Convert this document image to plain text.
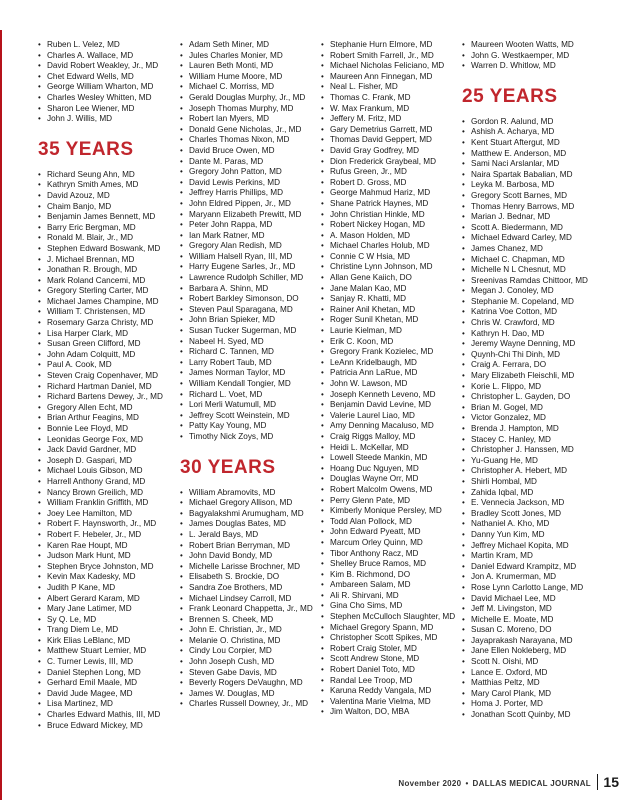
• Ruben L. Velez, MD
• Charles A. Wallace, MD
• David Robert Weakley, Jr., MD
• Chet Edward Wells, MD
• George William Wharton, MD
• Charles Wesley Whitten, MD
• Sharon Lee Wiener, MD
• John J. Willis, MD
35 YEARS
• Richard Seung Ahn, MD
• Kathryn Smith Ames, MD
• David Azouz, MD
• Chaim Banjo, MD
• Benjamin James Bennett, MD
• Barry Eric Bergman, MD
• Ronald M. Blair, Jr., MD
• Stephen Edward Boswank, MD
• J. Michael Brennan, MD
• Jonathan R. Brough, MD
• Mark Roland Cancemi, MD
• Gregory Sterling Carter, MD
• Michael James Champine, MD
• William T. Christensen, MD
• Rosemary Garza Christy, MD
• Lisa Harper Clark, MD
• Susan Green Clifford, MD
• John Adam Colquitt, MD
• Paul A. Cook, MD
• Steven Craig Copenhaver, MD
• Richard Hartman Daniel, MD
• Richard Bartens Dewey, Jr., MD
• Gregory Allen Echt, MD
• Brian Arthur Feagins, MD
• Bonnie Lee Floyd, MD
• Leonidas George Fox, MD
• Jack David Gardner, MD
• Joseph D. Gaspari, MD
• Michael Louis Gibson, MD
• Harrell Anthony Grand, MD
• Nancy Brown Greilich, MD
• William Franklin Griffith, MD
• Joey Lee Hamilton, MD
• Robert F. Haynsworth, Jr., MD
• Robert F. Hebeler, Jr., MD
• Karen Rae Houpt, MD
• Judson Mark Hunt, MD
• Stephen Bryce Johnston, MD
• Kevin Max Kadesky, MD
• Judith P Kane, MD
• Albert Gerard Karam, MD
• Mary Jane Latimer, MD
• Sy Q. Le, MD
• Trang Diem Le, MD
• Kirk Elias LeBlanc, MD
• Matthew Stuart Lemier, MD
• C. Turner Lewis, III, MD
• Daniel Stephen Long, MD
• Gerhard Emil Maale, MD
• David Jude Magee, MD
• Lisa Martinez, MD
• Charles Edward Mathis, III, MD
• Bruce Edward Mickey, MD
• Adam Seth Miner, MD
• Jules Charles Monier, MD
• Lauren Beth Monti, MD
• William Hume Moore, MD
• Michael C. Morriss, MD
• Gerald Douglas Murphy, Jr., MD
• Joseph Thomas Murphy, MD
• Robert Ian Myers, MD
• Donald Gene Nicholas, Jr., MD
• Charles Thomas Nixon, MD
• David Bruce Owen, MD
• Dante M. Paras, MD
• Gregory John Patton, MD
• David Lewis Perkins, MD
• Jeffrey Harris Phillips, MD
• John Eldred Pippen, Jr., MD
• Maryann Elizabeth Prewitt, MD
• Peter John Rappa, MD
• Ian Mark Ratner, MD
• Gregory Alan Redish, MD
• William Halsell Ryan, III, MD
• Harry Eugene Sarles, Jr., MD
• Lawrence Rudolph Schiller, MD
• Barbara A. Shinn, MD
• Robert Barkley Simonson, DO
• Steven Paul Sparagana, MD
• John Brian Spieker, MD
• Susan Tucker Sugerman, MD
• Nabeel H. Syed, MD
• Richard C. Tannen, MD
• Larry Robert Taub, MD
• James Norman Taylor, MD
• William Kendall Tongier, MD
• Richard L. Voet, MD
• Lori Merli Watumull, MD
• Jeffrey Scott Weinstein, MD
• Patty Kay Young, MD
• Timothy Nick Zoys, MD
30 YEARS
• William Abramovits, MD
• Michael Gregory Allison, MD
• Bagyalakshmi Arumugham, MD
• James Douglas Bates, MD
• L. Jerald Bays, MD
• Robert Brian Berryman, MD
• John David Bondy, MD
• Michelle Larisse Brochner, MD
• Elisabeth S. Brockie, DO
• Sandra Zoe Brothers, MD
• Michael Lindsey Carroll, MD
• Frank Leonard Chappetta, Jr., MD
• Brennen S. Cheek, MD
• John E. Christian, Jr., MD
• Melanie O. Christina, MD
• Cindy Lou Corpier, MD
• John Joseph Cush, MD
• Steven Gabe Davis, MD
• Beverly Rogers DeVaughn, MD
• James W. Douglas, MD
• Charles Russell Downey, Jr., MD
• Stephanie Hurn Elmore, MD
• Robert Smith Farrell, Jr., MD
• Michael Nicholas Feliciano, MD
• Maureen Ann Finnegan, MD
• Neal L. Fisher, MD
• Thomas C. Frank, MD
• W. Max Frankum, MD
• Jeffery M. Fritz, MD
• Gary Demetrius Garrett, MD
• Thomas David Geppert, MD
• David Gray Godfrey, MD
• Dion Frederick Graybeal, MD
• Rufus Green, Jr., MD
• Robert D. Gross, MD
• George Mahmud Hariz, MD
• Shane Patrick Haynes, MD
• John Christian Hinkle, MD
• Robert Nickey Hogan, MD
• A. Mason Holden, MD
• Michael Charles Holub, MD
• Connie C W Hsia, MD
• Christine Lynn Johnson, MD
• Allan Gene Kaiich, DO
• Jane Malan Kao, MD
• Sanjay R. Khatti, MD
• Rainer Anil Khetan, MD
• Roger Sunil Khetan, MD
• Laurie Kielman, MD
• Erik C. Koon, MD
• Gregory Frank Kozielec, MD
• LeAnn Kridelbaugh, MD
• Patricia Ann LaRue, MD
• John W. Lawson, MD
• Joseph Kenneth Leveno, MD
• Benjamin David Levine, MD
• Valerie Laurel Liao, MD
• Amy Denning Macaluso, MD
• Craig Riggs Malloy, MD
• Heidi L. McKellar, MD
• Lowell Steede Mankin, MD
• Hoang Duc Nguyen, MD
• Douglas Wayne Orr, MD
• Robert Malcolm Owens, MD
• Perry Glenn Pate, MD
• Kimberly Monique Persley, MD
• Todd Alan Pollock, MD
• John Edward Pyeatt, MD
• Marcum Orley Quinn, MD
• Tibor Anthony Racz, MD
• Shelley Bruce Ramos, MD
• Kim B. Richmond, DO
• Ambareen Salam, MD
• Ali R. Shirvani, MD
• Gina Cho Sims, MD
• Stephen McCulloch Slaughter, MD
• Michael Gregory Spann, MD
• Christopher Scott Spikes, MD
• Robert Craig Stoler, MD
• Scott Andrew Stone, MD
• Robert Daniel Toto, MD
• Randal Lee Troop, MD
• Karuna Reddy Vangala, MD
• Valentina Marie Vielma, MD
• Jim Walton, DO, MBA
• Maureen Wooten Watts, MD
• John G. Westkaemper, MD
• Warren D. Whitlow, MD
25 YEARS
• Gordon R. Aalund, MD
• Ashish A. Acharya, MD
• Kent Stuart Aftergut, MD
• Matthew E. Anderson, MD
• Sami Naci Arslanlar, MD
• Naira Spartak Babalian, MD
• Leyka M. Barbosa, MD
• Gregory Scott Barnes, MD
• Thomas Henry Barrows, MD
• Marian J. Bednar, MD
• Scott A. Biedermann, MD
• Michael Edward Carley, MD
• James Chanez, MD
• Michael C. Chapman, MD
• Michelle N L Chesnut, MD
• Sreenivas Ramdas Chittoor, MD
• Megan J. Conoley, MD
• Stephanie M. Copeland, MD
• Katrina Voe Cotton, MD
• Chris W. Crawford, MD
• Kathryn H. Dao, MD
• Jeremy Wayne Denning, MD
• Quynh-Chi Thi Dinh, MD
• Craig A. Ferrara, DO
• Mary Elizabeth Fleischli, MD
• Korie L. Flippo, MD
• Christopher L. Gayden, DO
• Brian M. Gogel, MD
• Victor Gonzalez, MD
• Brenda J. Hampton, MD
• Stacey C. Hanley, MD
• Christopher J. Hanssen, MD
• Yu-Guang He, MD
• Christopher A. Hebert, MD
• Shirli Hombal, MD
• Zahida Iqbal, MD
• E. Vennecia Jackson, MD
• Bradley Scott Jones, MD
• Nathaniel A. Kho, MD
• Danny Yun Kim, MD
• Jeffrey Michael Kopita, MD
• Martin Kram, MD
• Daniel Edward Krampitz, MD
• Jon A. Krumerman, MD
• Rose Lynn Carlotto Lange, MD
• David Michael Lee, MD
• Jeff M. Livingston, MD
• Michelle E. Moate, MD
• Susan C. Moreno, DO
• Jayaprakash Narayana, MD
• Jane Ellen Nokleberg, MD
• Scott N. Oishi, MD
• Lance E. Oxford, MD
• Matthias Peltz, MD
• Mary Carol Plank, MD
• Homa J. Porter, MD
• Jonathan Scott Quinby, MD
November 2020 • DALLAS MEDICAL JOURNAL 15
